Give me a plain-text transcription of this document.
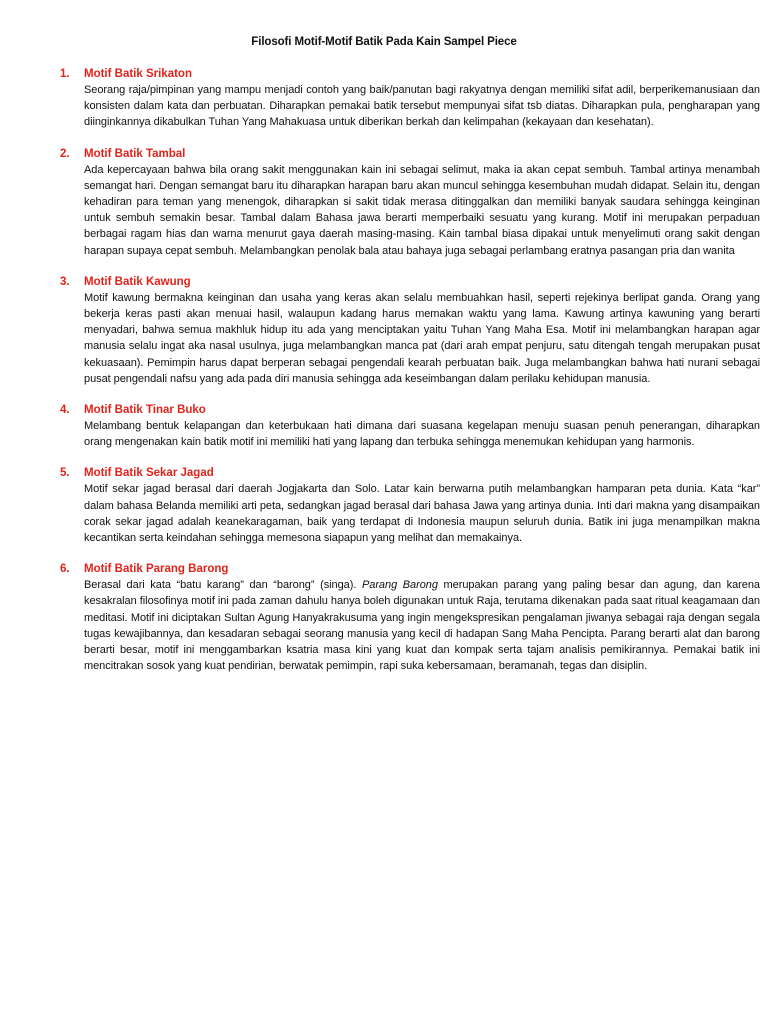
Filosofi Motif-Motif Batik Pada Kain Sampel Piece
1.	Motif Batik Srikaton
Seorang raja/pimpinan yang mampu menjadi contoh yang baik/panutan bagi rakyatnya dengan memiliki sifat adil, berperikemanusiaan dan konsisten dalam kata dan perbuatan. Diharapkan pemakai batik tersebut mempunyai sifat tsb diatas. Diharapkan pula, pengharapan yang diinginkannya dikabulkan Tuhan Yang Mahakuasa untuk diberikan berkah dan kelimpahan (kekayaan dan kesehatan).
2.	Motif Batik Tambal
Ada kepercayaan bahwa bila orang sakit menggunakan kain ini sebagai selimut, maka ia akan cepat sembuh. Tambal artinya menambah semangat hari. Dengan semangat baru itu diharapkan harapan baru akan muncul sehingga kesembuhan mudah didapat. Selain itu, dengan kehadiran para teman yang menengok, diharapkan si sakit tidak merasa ditinggalkan dan memiliki banyak saudara sehingga keinginan untuk sembuh semakin besar. Tambal dalam Bahasa jawa berarti memperbaiki sesuatu yang kurang. Motif ini merupakan perpaduan berbagai ragam hias dan warna menurut gaya daerah masing-masing. Kain tambal biasa dipakai untuk menyelimuti orang sakit dengan harapan supaya cepat sembuh. Melambangkan penolak bala atau bahaya juga sebagai perlambang eratnya pasangan pria dan wanita
3.	Motif Batik Kawung
Motif kawung bermakna keinginan dan usaha yang keras akan selalu membuahkan hasil, seperti rejekinya berlipat ganda. Orang yang bekerja keras pasti akan menuai hasil, walaupun kadang harus memakan waktu yang lama. Kawung artinya kawuning yang berarti menyadari, bahwa semua makhluk hidup itu ada yang menciptakan yaitu Tuhan Yang Maha Esa. Motif ini melambangkan harapan agar manusia selalu ingat aka nasal usulnya, juga melambangkan manca pat (dari arah empat penjuru, satu ditengah tengah merupakan pusat kekuasaan). Pemimpin harus dapat berperan sebagai pengendali kearah perbuatan baik. Juga melambangkan bahwa hati nurani sebagai pusat pengendali nafsu yang ada pada diri manusia sehingga ada keseimbangan dalam perilaku kehidupan manusia.
4.	Motif Batik Tinar Buko
Melambang bentuk kelapangan dan keterbukaan hati dimana dari suasana kegelapan menuju suasan penuh penerangan, diharapkan orang mengenakan kain batik motif ini memiliki hati yang lapang dan terbuka sehingga menemukan kehidupan yang harmonis.
5.	Motif Batik Sekar Jagad
Motif sekar jagad berasal dari daerah Jogjakarta dan Solo. Latar kain berwarna putih melambangkan hamparan peta dunia. Kata “kar” dalam bahasa Belanda memiliki arti peta, sedangkan jagad berasal dari bahasa Jawa yang artinya dunia. Inti dari makna yang disampaikan corak sekar jagad adalah keanekaragaman, baik yang terdapat di Indonesia maupun seluruh dunia. Batik ini juga menampilkan makna kecantikan serta keindahan sehingga memesona siapapun yang melihat dan memakainya.
6.	Motif Batik Parang Barong
Berasal dari kata “batu karang” dan “barong” (singa). Parang Barong merupakan parang yang paling besar dan agung, dan karena kesakralan filosofinya motif ini pada zaman dahulu hanya boleh digunakan untuk Raja, terutama dikenakan pada saat ritual keagamaan dan meditasi. Motif ini diciptakan Sultan Agung Hanyakrakusuma yang ingin mengekspresikan pengalaman jiwanya sebagai raja dengan segala tugas kewajibannya, dan kesadaran sebagai seorang manusia yang kecil di hadapan Sang Maha Pencipta. Parang berarti alat dan barong berarti besar, motif ini menggambarkan ksatria masa kini yang kuat dan kompak serta tajam analisis pemikirannya. Pemakai batik ini mencitrakan sosok yang kuat pendirian, berwatak pemimpin, rapi suka kebersamaan, beramanah, tegas dan disiplin.
